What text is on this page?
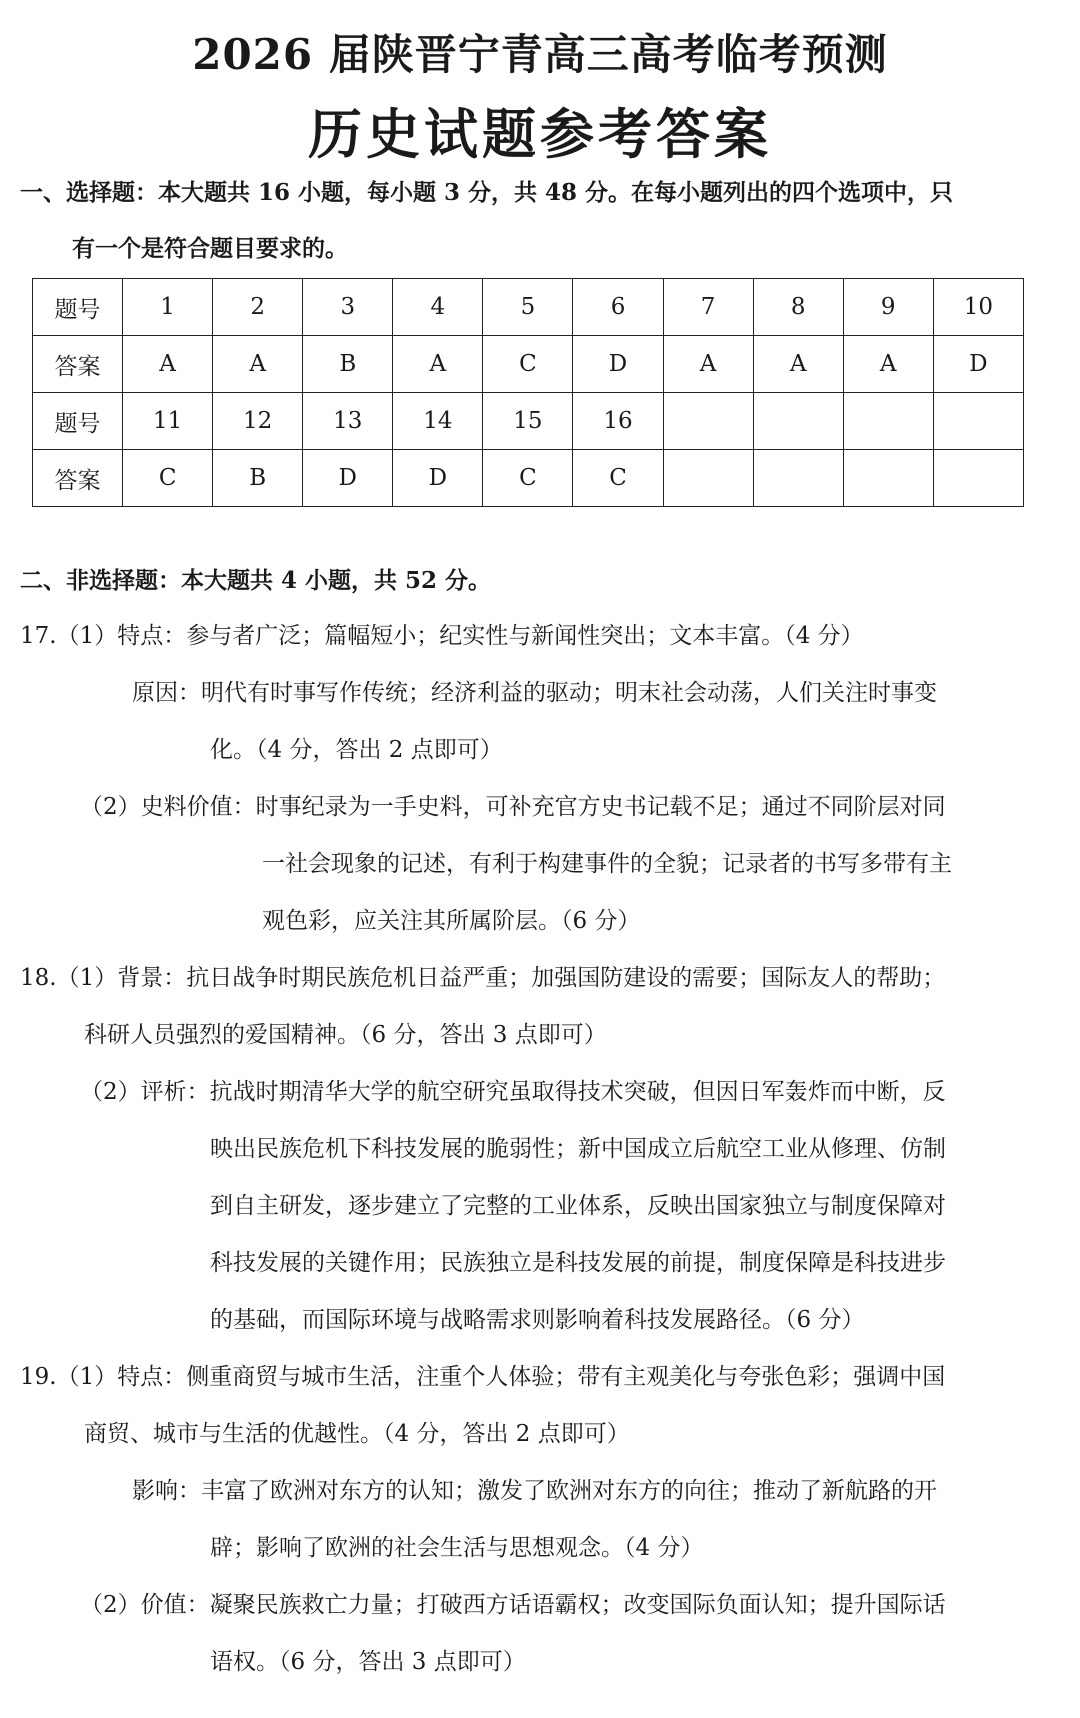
2026 届陕晋宁青高三高考临考预测
历史试题参考答案
一、选择题：本大题共 16 小题，每小题 3 分，共 48 分。在每小题列出的四个选项中，只
有一个是符合题目要求的。
题号	1	2	3	4	5	6	7	8	9	10
答案	A	A	B	A	C	D	A	A	A	D
题号	11	12	13	14	15	16				
答案	C	B	D	D	C	C				
二、非选择题：本大题共 4 小题，共 52 分。
17.（1）特点：参与者广泛；篇幅短小；纪实性与新闻性突出；文本丰富。（4 分）
原因：明代有时事写作传统；经济利益的驱动；明末社会动荡，人们关注时事变
化。（4 分，答出 2 点即可）
（2）史料价值：时事纪录为一手史料，可补充官方史书记载不足；通过不同阶层对同
一社会现象的记述，有利于构建事件的全貌；记录者的书写多带有主
观色彩，应关注其所属阶层。（6 分）
18.（1）背景：抗日战争时期民族危机日益严重；加强国防建设的需要；国际友人的帮助；
科研人员强烈的爱国精神。（6 分，答出 3 点即可）
（2）评析：抗战时期清华大学的航空研究虽取得技术突破，但因日军轰炸而中断，反
映出民族危机下科技发展的脆弱性；新中国成立后航空工业从修理、仿制
到自主研发，逐步建立了完整的工业体系，反映出国家独立与制度保障对
科技发展的关键作用；民族独立是科技发展的前提，制度保障是科技进步
的基础，而国际环境与战略需求则影响着科技发展路径。（6 分）
19.（1）特点：侧重商贸与城市生活，注重个人体验；带有主观美化与夸张色彩；强调中国
商贸、城市与生活的优越性。（4 分，答出 2 点即可）
影响：丰富了欧洲对东方的认知；激发了欧洲对东方的向往；推动了新航路的开
辟；影响了欧洲的社会生活与思想观念。（4 分）
（2）价值：凝聚民族救亡力量；打破西方话语霸权；改变国际负面认知；提升国际话
语权。（6 分，答出 3 点即可）
